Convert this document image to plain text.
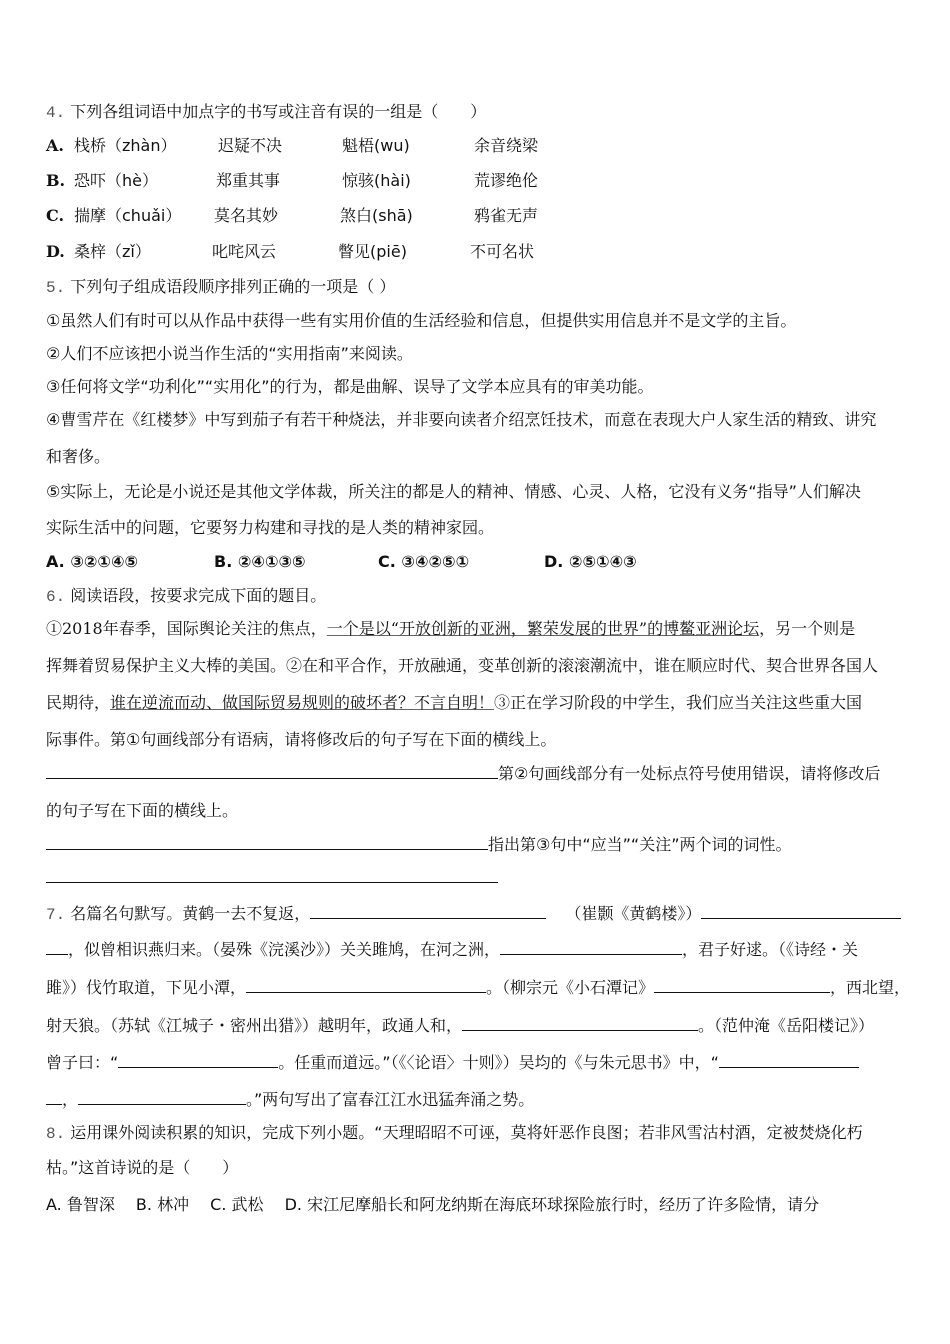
4. 下列各组词语中加点字的书写或注音有误的一组是（　　）
A. 栈桥（zhàn）	迟疑不决	魁梧(wu)	余音绕梁
B. 恐吓（hè）	郑重其事	惊骇(hài)	荒谬绝伦
C. 揣摩（chuǎi） 莫名其妙	煞白(shā)	鸦雀无声
D. 桑梓（zǐ）	叱咤风云	瞥见(piē)	不可名状
5. 下列句子组成语段顺序排列正确的一项是（ ）
①虽然人们有时可以从作品中获得一些有实用价值的生活经验和信息，但提供实用信息并不是文学的主旨。
②人们不应该把小说当作生活的“实用指南”来阅读。
③任何将文学“功利化”“实用化”的行为，都是曲解、误导了文学本应具有的审美功能。
④曹雪芹在《红楼梦》中写到茄子有若干种烧法，并非要向读者介绍烹饪技术，而意在表现大户人家生活的精致、讲究
和奢侈。
⑤实际上，无论是小说还是其他文学体裁，所关注的都是人的精神、情感、心灵、人格，它没有义务“指导”人们解决
实际生活中的问题，它要努力构建和寻找的是人类的精神家园。
A. ③②①④⑤	B. ②④①③⑤	C. ③④②⑤①	D. ②⑤①④③
6. 阅读语段，按要求完成下面的题目。
①2018年春季，国际舆论关注的焦点，一个是以“开放创新的亚洲，繁荣发展的世界”的博鳌亚洲论坛，另一个则是
挥舞着贸易保护主义大棒的美国。②在和平合作，开放融通，变革创新的滚滚潮流中，谁在顺应时代、契合世界各国人
民期待，谁在逆流而动、做国际贸易规则的破坏者？不言自明！③正在学习阶段的中学生，我们应当关注这些重大国
际事件。第①句画线部分有语病，请将修改后的句子写在下面的横线上。
第②句画线部分有一处标点符号使用错误，请将修改后
的句子写在下面的横线上。
指出第③句中“应当”“关注”两个词的词性。
7. 名篇名句默写。黄鹤一去不复返，	（崔颢《黄鹤楼》）
，似曾相识燕归来。（晏殊《浣溪沙》）关关雎鸠，在河之洲，	，君子好逑。（《诗经・关
雎》）伐竹取道，下见小潭，	。（柳宗元《小石潭记》	，西北望，
射天狼。（苏轼《江城子・密州出猎》）越明年，政通人和，	。（范仲淹《岳阳楼记》）
曾子曰：“	。任重而道远。”（《〈论语〉十则》）吴均的《与朱元思书》中，“
，	。”两句写出了富春江江水迅猛奔涌之势。
8. 运用课外阅读积累的知识，完成下列小题。“天理昭昭不可诬，莫将奸恶作良图；若非风雪沽村酒，定被焚烧化朽
枯。”这首诗说的是（　　）
A. 鲁智深　 B. 林冲　 C. 武松　 D. 宋江尼摩船长和阿龙纳斯在海底环球探险旅行时，经历了许多险情，请分
